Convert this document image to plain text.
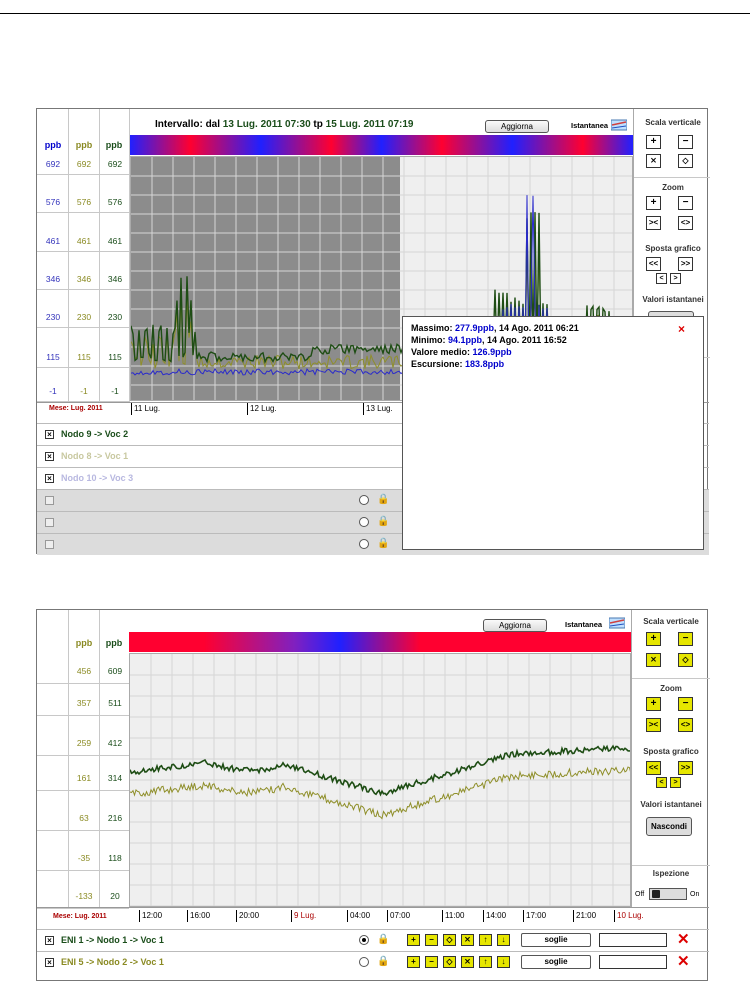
Intervallo: dal 13 Lug. 2011 07:30 tp 15 Lug. 2011 07:19	Aggiorna	Istantanea
ppb	ppb	ppb
692	692	692
576	576	576
461	461	461
346	346	346
230	230	230
115	115	115
-1	-1	-1
Scala verticale
+	−
⨯	◇
Zoom
+	−
><	<>
Sposta grafico
<<	>>
<	>
Valori istantanei
Mese: Lug. 2011	11 Lug.	12 Lug.	13 Lug.
× Nodo 9 -> Voc 2
× Nodo 8 -> Voc 1
× Nodo 10 -> Voc 3
🔒
🔒
🔒
Massimo: 277.9ppb, 14 Ago. 2011 06:21
Minimo: 94.1ppb, 14 Ago. 2011 16:52
Valore medio: 126.9ppb
Escursione: 183.8ppb
×
Aggiorna	Istantanea
ppb	ppb
456	609
357	511
259	412
161	314
63	216
-35	118
-133	20
Scala verticale
+	−
⨯	◇
Zoom
+	−
><	<>
Sposta grafico
<<	>>
<	>
Valori istantanei
Nascondi
Ispezione
Off	On
Mese: Lug. 2011	12:00	16:00	20:00	9 Lug.	04:00	07:00	11:00	14:00	17:00	21:00	10 Lug.
× ENI 1 -> Nodo 1 -> Voc 1	🔒	+	−	◇	⨯	↑	↓	soglie	✕
× ENI 5 -> Nodo 2 -> Voc 1	🔒	+	−	◇	⨯	↑	↓	soglie	✕
